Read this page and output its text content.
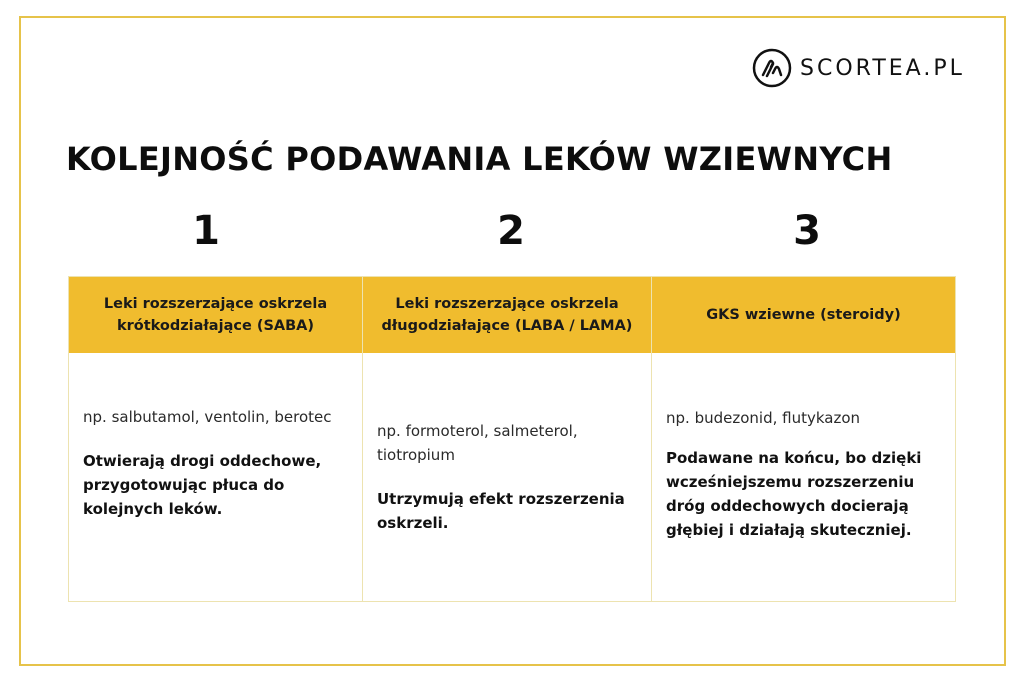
SCORTEA.PL
KOLEJNOŚĆ PODAWANIA LEKÓW WZIEWNYCH
1	2	3
Leki rozszerzające oskrzela krótkodziałające (SABA)

np. salbutamol, ventolin, berotec

Otwierają drogi oddechowe, przygotowując płuca do kolejnych leków.

Leki rozszerzające oskrzela długodziałające (LABA / LAMA)

np. formoterol, salmeterol, tiotropium

Utrzymują efekt rozszerzenia oskrzeli.

GKS wziewne (steroidy)

np. budezonid, flutykazon

Podawane na końcu, bo dzięki wcześniejszemu rozszerzeniu dróg oddechowych docierają głębiej i działają skuteczniej.
